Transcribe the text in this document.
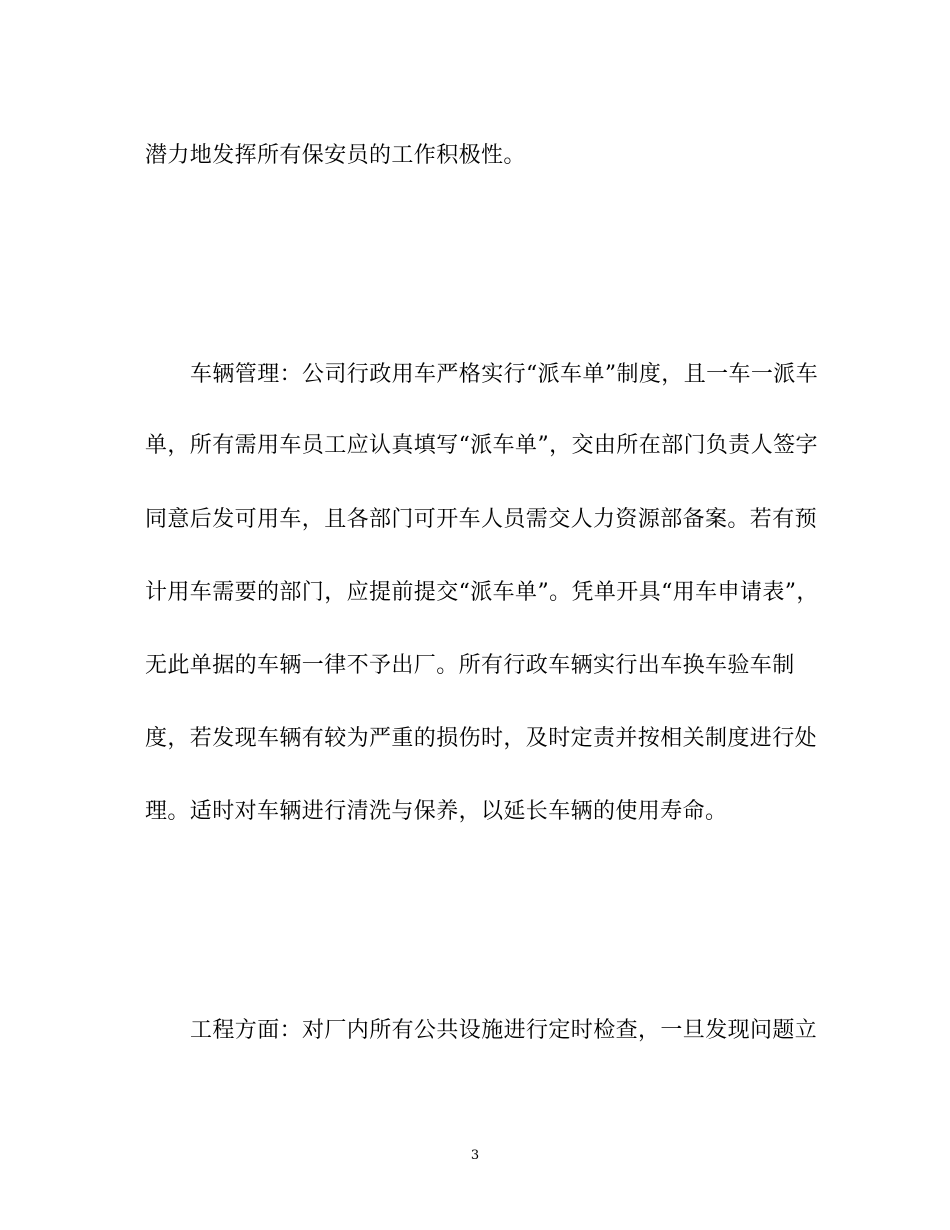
潜力地发挥所有保安员的工作积极性。
车辆管理：公司行政用车严格实行“派车单”制度，且一车一派车
单，所有需用车员工应认真填写“派车单”，交由所在部门负责人签字
同意后发可用车，且各部门可开车人员需交人力资源部备案。若有预
计用车需要的部门，应提前提交“派车单”。凭单开具“用车申请表”，
无此单据的车辆一律不予出厂。所有行政车辆实行出车换车验车制
度，若发现车辆有较为严重的损伤时，及时定责并按相关制度进行处
理。适时对车辆进行清洗与保养，以延长车辆的使用寿命。
工程方面：对厂内所有公共设施进行定时检查，一旦发现问题立
3
